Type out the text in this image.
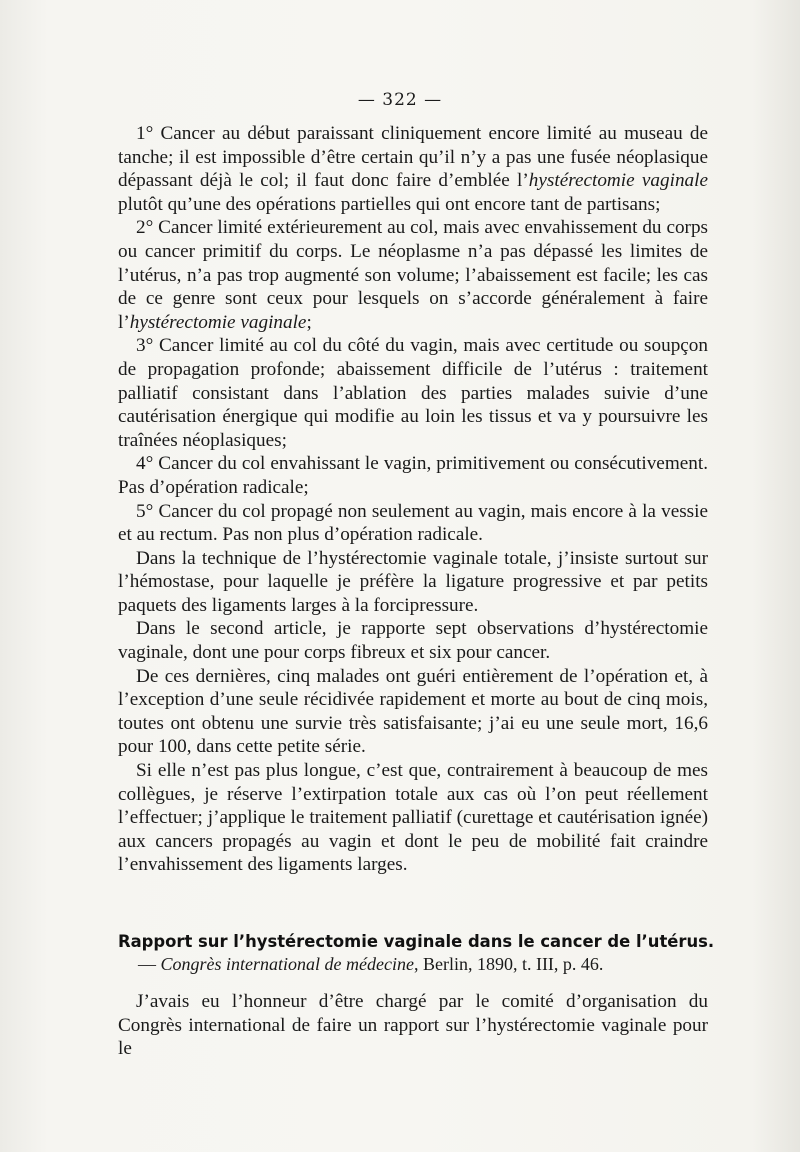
— 322 —

1° Cancer au début paraissant cliniquement encore limité au museau de tanche; il est impossible d’être certain qu’il n’y a pas une fusée néoplasique dépassant déjà le col; il faut donc faire d’emblée l’hystérectomie vaginale plutôt qu’une des opérations partielles qui ont encore tant de partisans;

2° Cancer limité extérieurement au col, mais avec envahissement du corps ou cancer primitif du corps. Le néoplasme n’a pas dépassé les limites de l’utérus, n’a pas trop augmenté son volume; l’abaissement est facile; les cas de ce genre sont ceux pour lesquels on s’accorde généralement à faire l’hystérectomie vaginale;

3° Cancer limité au col du côté du vagin, mais avec certitude ou soupçon de propagation profonde; abaissement difficile de l’utérus : traitement palliatif consistant dans l’ablation des parties malades suivie d’une cautérisation énergique qui modifie au loin les tissus et va y poursuivre les traînées néoplasiques;

4° Cancer du col envahissant le vagin, primitivement ou consécutivement. Pas d’opération radicale;

5° Cancer du col propagé non seulement au vagin, mais encore à la vessie et au rectum. Pas non plus d’opération radicale.

Dans la technique de l’hystérectomie vaginale totale, j’insiste surtout sur l’hémostase, pour laquelle je préfère la ligature progressive et par petits paquets des ligaments larges à la forcipressure.

Dans le second article, je rapporte sept observations d’hystérectomie vaginale, dont une pour corps fibreux et six pour cancer.

De ces dernières, cinq malades ont guéri entièrement de l’opération et, à l’exception d’une seule récidivée rapidement et morte au bout de cinq mois, toutes ont obtenu une survie très satisfaisante; j’ai eu une seule mort, 16,6 pour 100, dans cette petite série.

Si elle n’est pas plus longue, c’est que, contrairement à beaucoup de mes collègues, je réserve l’extirpation totale aux cas où l’on peut réellement l’effectuer; j’applique le traitement palliatif (curettage et cautérisation ignée) aux cancers propagés au vagin et dont le peu de mobilité fait craindre l’envahissement des ligaments larges.

Rapport sur l’hystérectomie vaginale dans le cancer de l’utérus.

— Congrès international de médecine, Berlin, 1890, t. III, p. 46.

J’avais eu l’honneur d’être chargé par le comité d’organisation du Congrès international de faire un rapport sur l’hystérectomie vaginale pour le
